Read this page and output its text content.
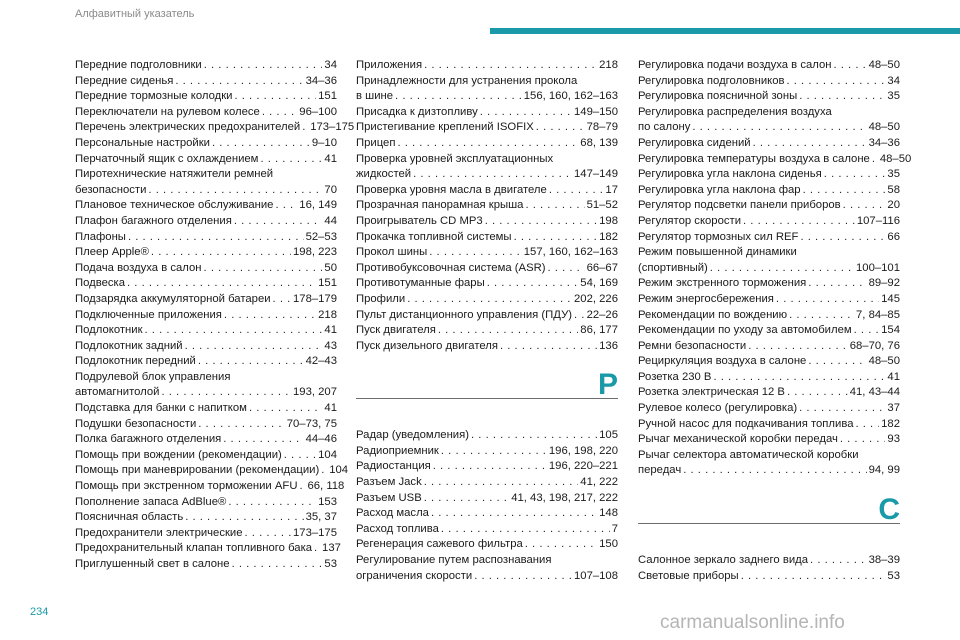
Алфавитный указатель
Передние подголовники . . .	34
Передние сиденья . . .	34–36
Передние тормозные колодки . . .	151
Переключатели на рулевом колесе . . .	96–100
Перечень электрических предохранителей . . . 173–175
Персональные настройки . . .	9–10
Перчаточный ящик с охлаждением . . .	41
Пиротехнические натяжители ремней
безопасности . . .	70
Плановое техническое обслуживание . . . 16, 149
Плафон багажного отделения . . .	44
Плафоны . . .	52–53
Плеер Apple® . . .	198, 223
Подача воздуха в салон . . .	50
Подвеска . . .	151
Подзарядка аккумуляторной батареи . . . 178–179
Подключенные приложения . . .	218
Подлокотник . . .	41
Подлокотник задний . . .	43
Подлокотник передний . . .	42–43
Подрулевой блок управления
автомагнитолой . . .	193, 207
Подставка для банки с напитком . . .	41
Подушки безопасности . . .	70–73, 75
Полка багажного отделения . . .	44–46
Помощь при вождении (рекомендации) . . .	104
Помощь при маневрировании (рекомендации) . . . 104
Помощь при экстренном торможении AFU . . . 66, 118
Пополнение запаса AdBlue® . . .	153
Поясничная область . . .	35, 37
Предохранители электрические . . .	173–175
Предохранительный клапан топливного бака . . . 137
Приглушенный свет в салоне . . .	53
Приложения . . .	218
Принадлежности для устранения прокола
в шине . . .	156, 160, 162–163
Присадка к дизтопливу . . .	149–150
Пристегивание креплений ISOFIX . . .	78–79
Прицеп . . .	68, 139
Проверка уровней эксплуатационных
жидкостей . . .	147–149
Проверка уровня масла в двигателе . . .	17
Прозрачная панорамная крыша . . .	51–52
Проигрыватель CD MP3 . . .	198
Прокачка топливной системы . . .	182
Прокол шины . . .	157, 160, 162–163
Противобуксовочная система (ASR) . . .	66–67
Противотуманные фары . . .	54, 169
Профили . . .	202, 226
Пульт дистанционного управления (ПДУ) . . . 22–26
Пуск двигателя . . .	86, 177
Пуск дизельного двигателя . . .	136
Р
Радар (уведомления) . . .	105
Радиоприемник . . .	196, 198, 220
Радиостанция . . .	196, 220–221
Разъем Jack . . .	41, 222
Разъем USB . . .	41, 43, 198, 217, 222
Расход масла . . .	148
Расход топлива . . .	7
Регенерация сажевого фильтра . . .	150
Регулирование путем распознавания
ограничения скорости . . .	107–108
Регулировка подачи воздуха в салон . . .	48–50
Регулировка подголовников . . .	34
Регулировка поясничной зоны . . .	35
Регулировка распределения воздуха
по салону . . .	48–50
Регулировка сидений . . .	34–36
Регулировка температуры воздуха в салоне . . . 48–50
Регулировка угла наклона сиденья . . .	35
Регулировка угла наклона фар . . .	58
Регулятор подсветки панели приборов . . .	20
Регулятор скорости . . .	107–116
Регулятор тормозных сил REF . . .	66
Режим повышенной динамики
(спортивный) . . .	100–101
Режим экстренного торможения . . .	89–92
Режим энергосбережения . . .	145
Рекомендации по вождению . . .	7, 84–85
Рекомендации по уходу за автомобилем . . .	154
Ремни безопасности . . .	68–70, 76
Рециркуляция воздуха в салоне . . .	48–50
Розетка 230 В . . .	41
Розетка электрическая 12 В . . .	41, 43–44
Рулевое колесо (регулировка) . . .	37
Ручной насос для подкачивания топлива . . . 182
Рычаг механической коробки передач . . .	93
Рычаг селектора автоматической коробки
передач . . .	94, 99
С
Салонное зеркало заднего вида . . .	38–39
Световые приборы . . .	53
234	carmanualsonline.info
